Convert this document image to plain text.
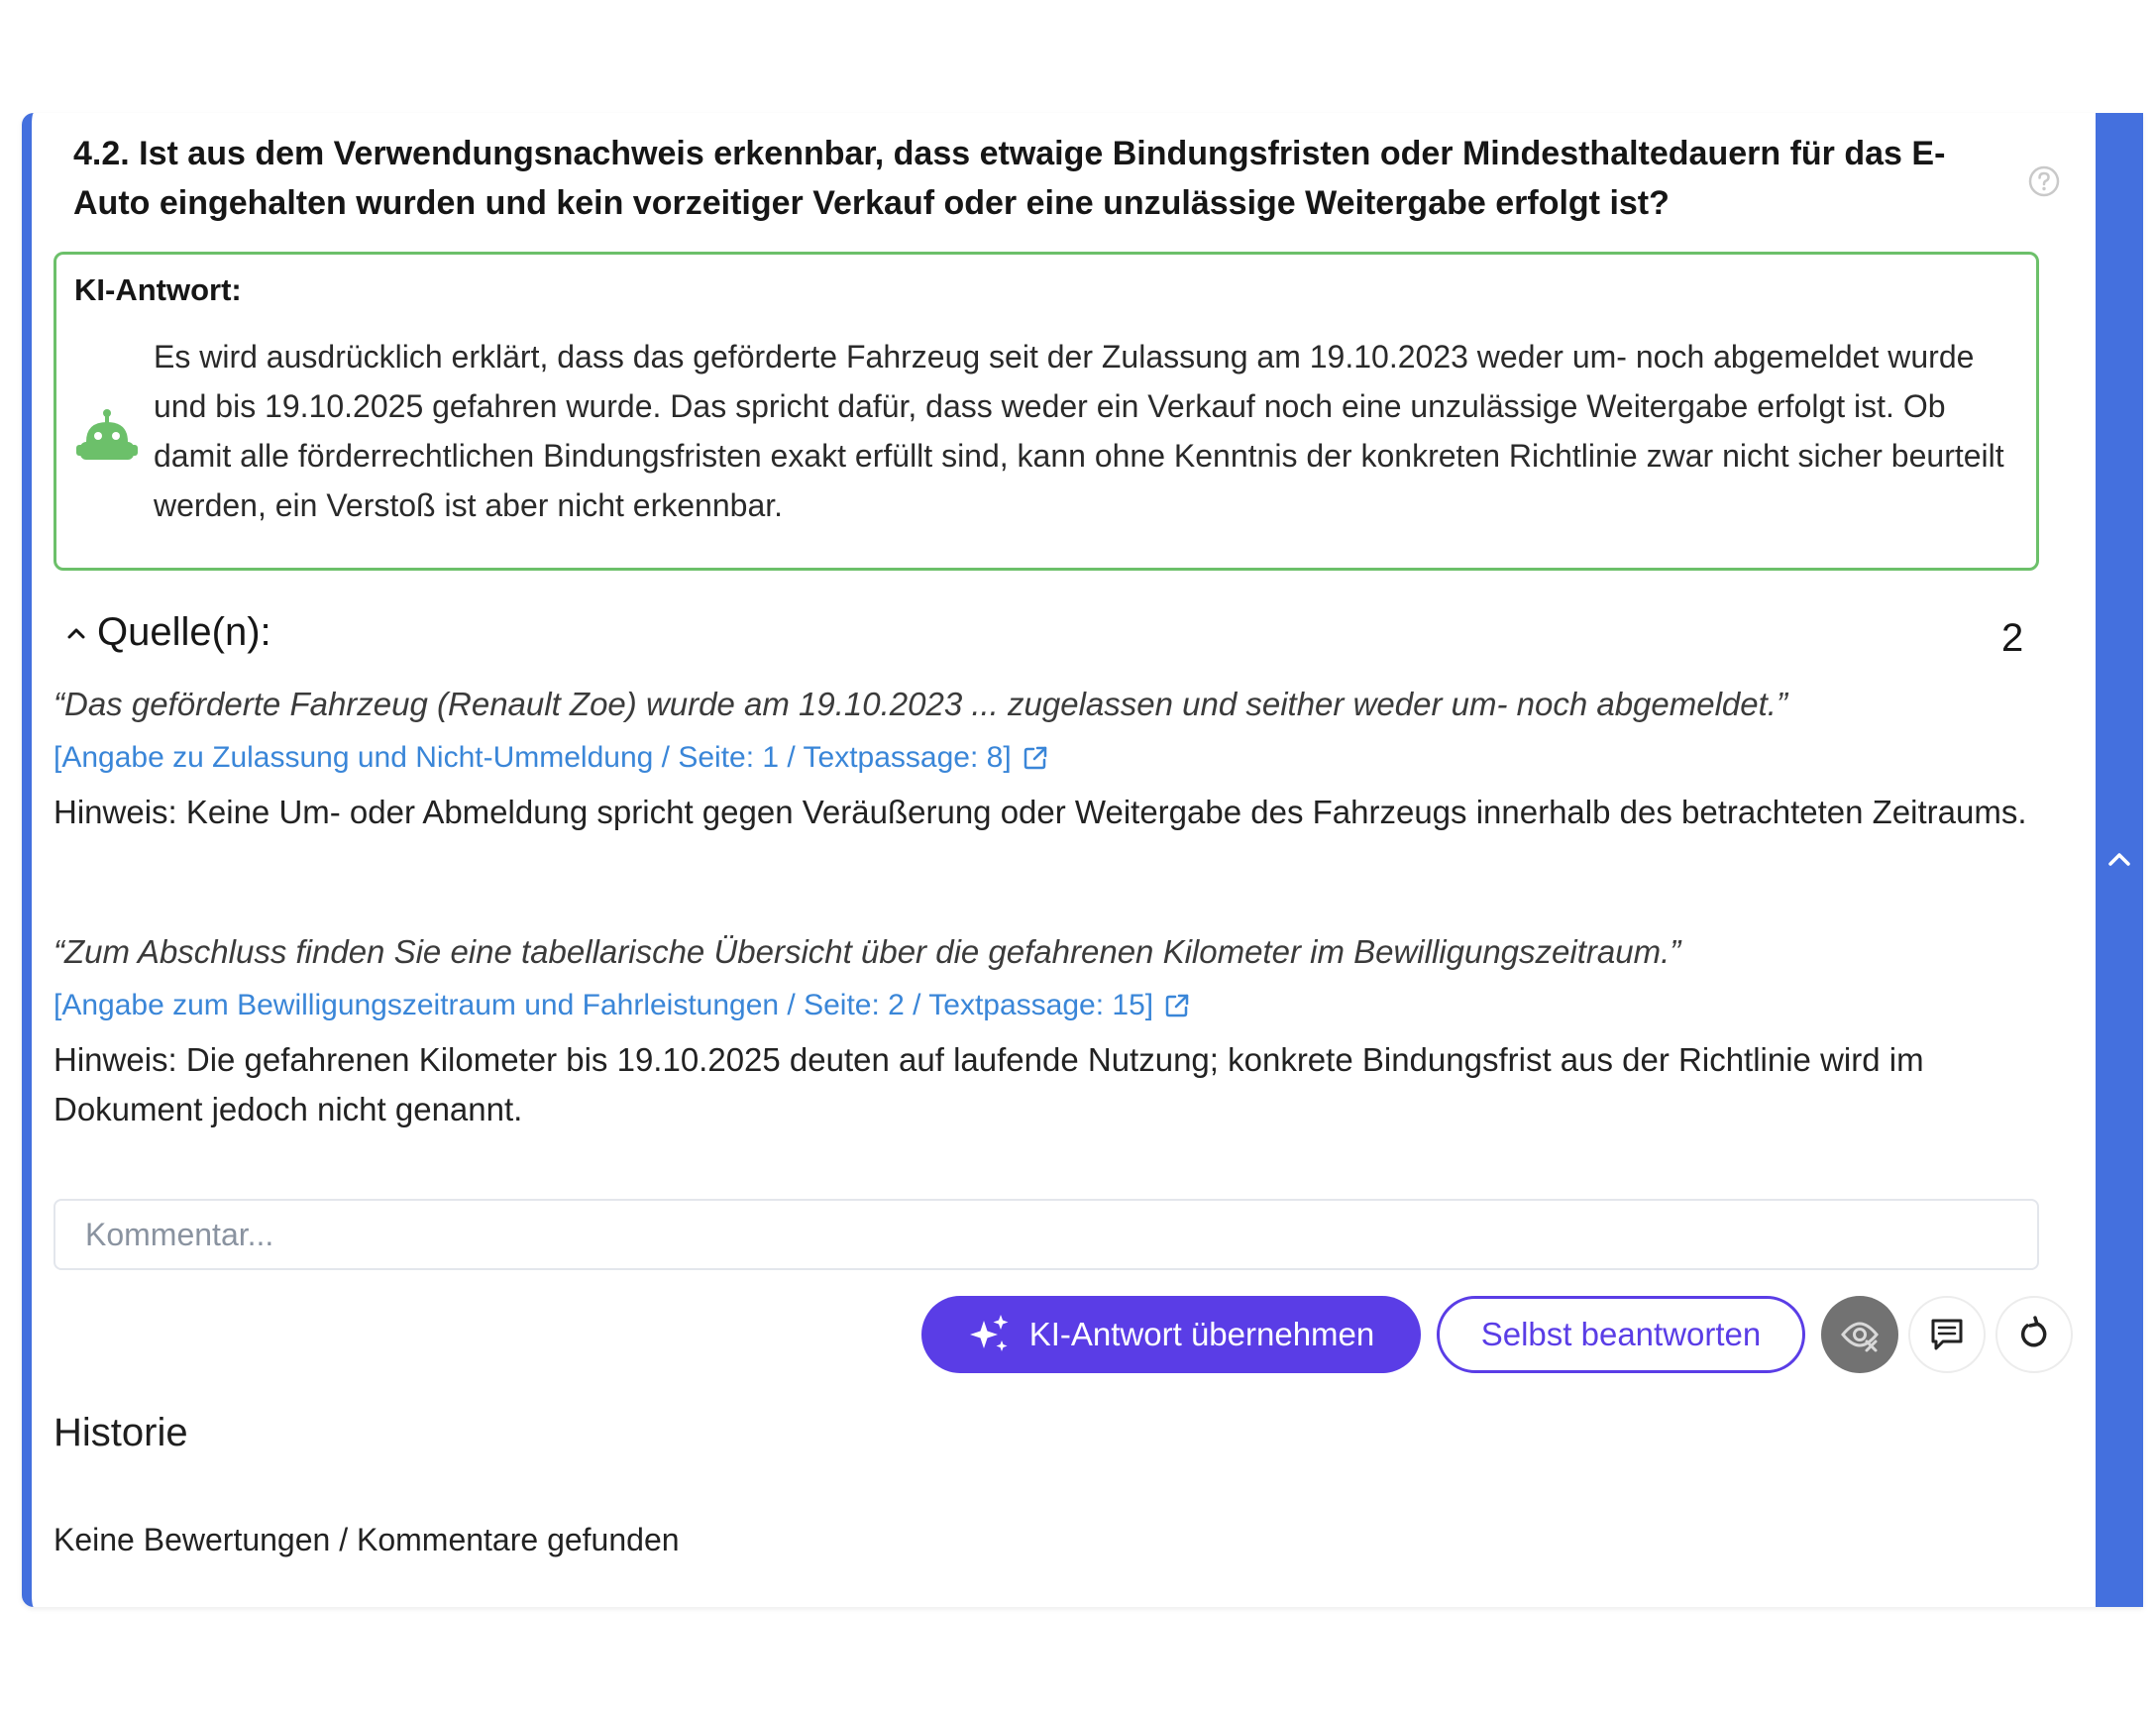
4.2. Ist aus dem Verwendungsnachweis erkennbar, dass etwaige Bindungsfristen oder Mindesthaltedauern für das E-Auto eingehalten wurden und kein vorzeitiger Verkauf oder eine unzulässige Weitergabe erfolgt ist?
KI-Antwort:
Es wird ausdrücklich erklärt, dass das geförderte Fahrzeug seit der Zulassung am 19.10.2023 weder um- noch abgemeldet wurde und bis 19.10.2025 gefahren wurde. Das spricht dafür, dass weder ein Verkauf noch eine unzulässige Weitergabe erfolgt ist. Ob damit alle förderrechtlichen Bindungsfristen exakt erfüllt sind, kann ohne Kenntnis der konkreten Richtlinie zwar nicht sicher beurteilt werden, ein Verstoß ist aber nicht erkennbar.
Quelle(n):	2
“Das geförderte Fahrzeug (Renault Zoe) wurde am 19.10.2023 ... zugelassen und seither weder um- noch abgemeldet.”
[Angabe zu Zulassung und Nicht-Ummeldung / Seite: 1 / Textpassage: 8]
Hinweis: Keine Um- oder Abmeldung spricht gegen Veräußerung oder Weitergabe des Fahrzeugs innerhalb des betrachteten Zeitraums.
“Zum Abschluss finden Sie eine tabellarische Übersicht über die gefahrenen Kilometer im Bewilligungszeitraum.”
[Angabe zum Bewilligungszeitraum und Fahrleistungen / Seite: 2 / Textpassage: 15]
Hinweis: Die gefahrenen Kilometer bis 19.10.2025 deuten auf laufende Nutzung; konkrete Bindungsfrist aus der Richtlinie wird im Dokument jedoch nicht genannt.
Kommentar...
KI-Antwort übernehmen	Selbst beantworten
Historie
Keine Bewertungen / Kommentare gefunden
